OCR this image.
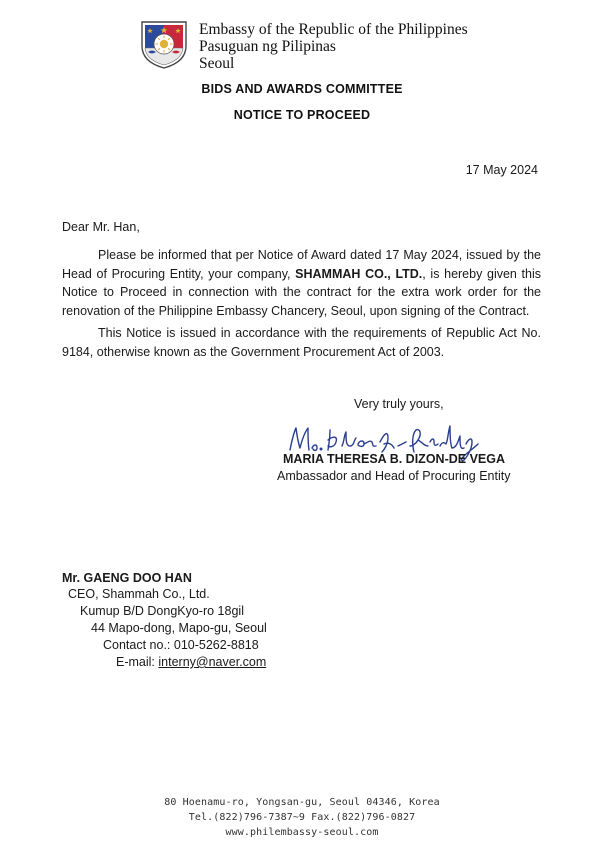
Embassy of the Republic of the Philippines
Pasuguan ng Pilipinas
Seoul
BIDS AND AWARDS COMMITTEE
NOTICE TO PROCEED
17 May 2024
Dear Mr. Han,

Please be informed that per Notice of Award dated 17 May 2024, issued by the Head of Procuring Entity, your company, SHAMMAH CO., LTD., is hereby given this Notice to Proceed in connection with the contract for the extra work order for the renovation of the Philippine Embassy Chancery, Seoul, upon signing of the Contract.

This Notice is issued in accordance with the requirements of Republic Act No. 9184, otherwise known as the Government Procurement Act of 2003.

Very truly yours,
MARIA THERESA B. DIZON-DE VEGA
Ambassador and Head of Procuring Entity
Mr. GAENG DOO HAN
CEO, Shammah Co., Ltd.
Kumup B/D DongKyo-ro 18gil
44 Mapo-dong, Mapo-gu, Seoul
Contact no.: 010-5262-8818
E-mail: interny@naver.com
80 Hoenamu-ro, Yongsan-gu, Seoul 04346, Korea
Tel.(822)796-7387~9 Fax.(822)796-0827
www.philembassy-seoul.com
